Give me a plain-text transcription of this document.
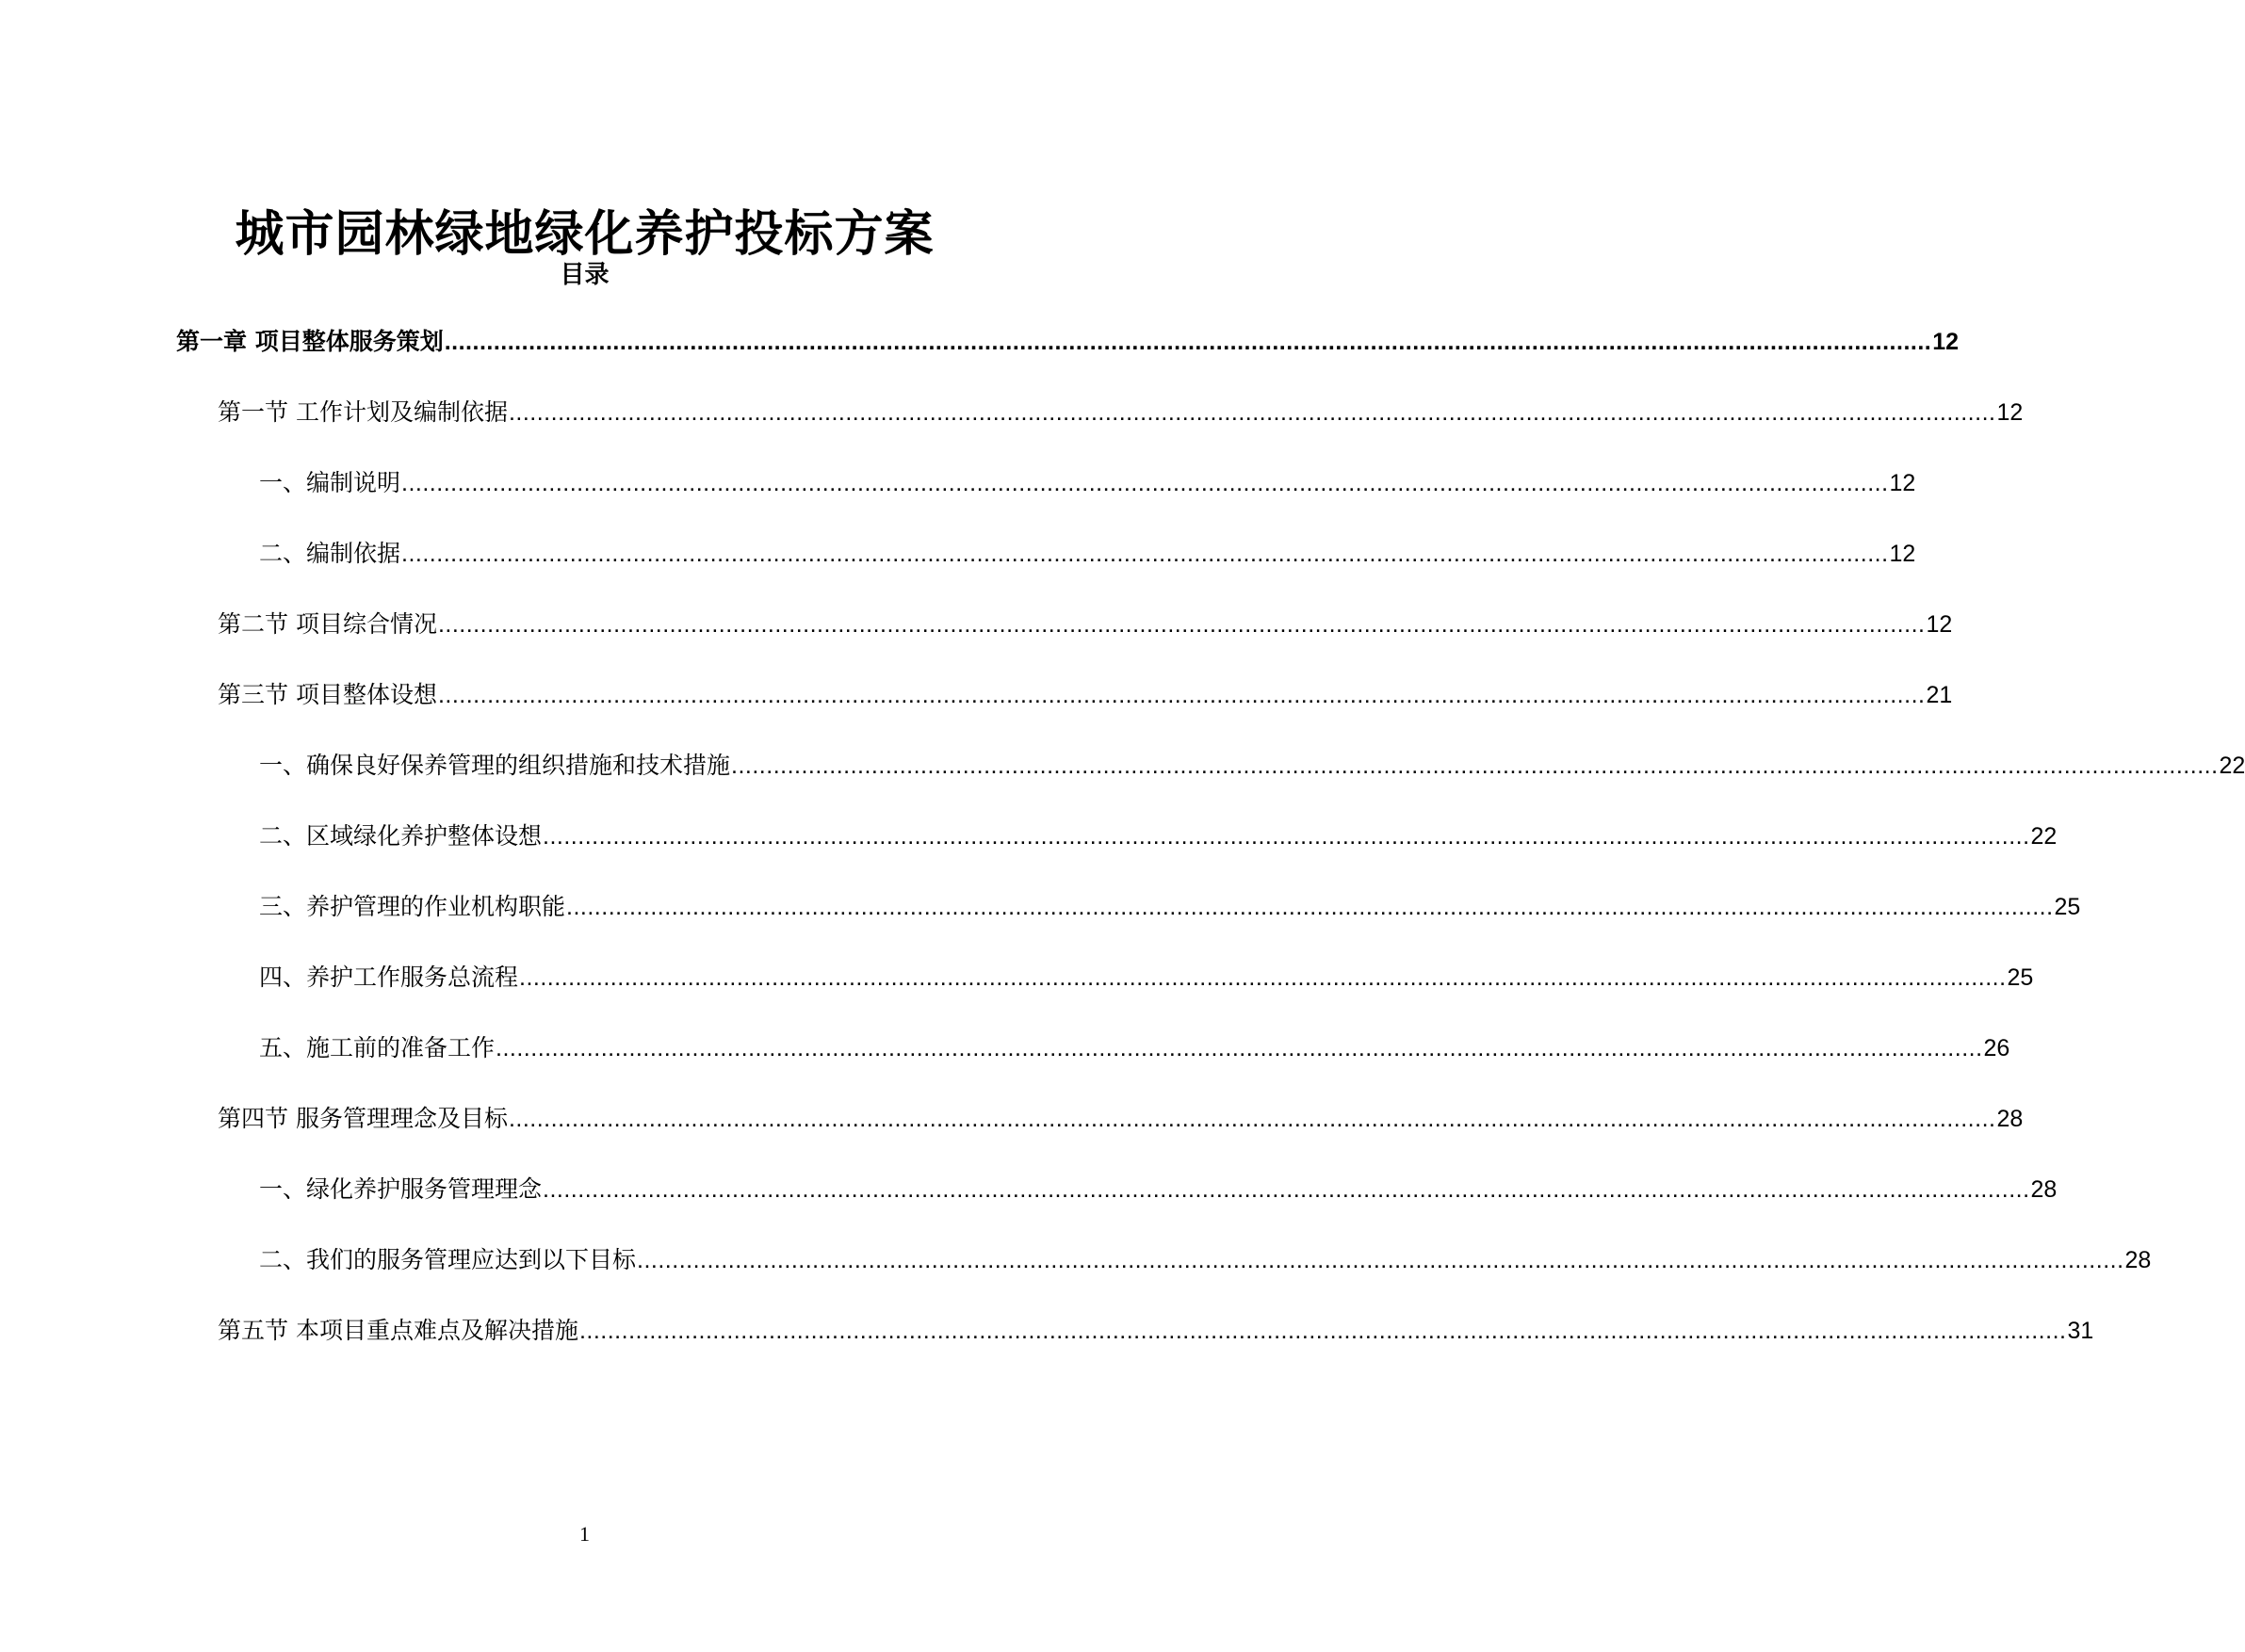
城市园林绿地绿化养护投标方案
目录
第一章 项目整体服务策划 .................................................................................................................................................................................................................... 12
第一节 工作计划及编制依据 .................................................................................................................................................................................................................... 12
一、编制说明 .................................................................................................................................................................................................................... 12
二、编制依据 .................................................................................................................................................................................................................... 12
第二节 项目综合情况 .................................................................................................................................................................................................................... 12
第三节 项目整体设想 .................................................................................................................................................................................................................... 21
一、确保良好保养管理的组织措施和技术措施 .................................................................................................................................................................................................................... 22
二、区域绿化养护整体设想 .................................................................................................................................................................................................................... 22
三、养护管理的作业机构职能 .................................................................................................................................................................................................................... 25
四、养护工作服务总流程 .................................................................................................................................................................................................................... 25
五、施工前的准备工作 .................................................................................................................................................................................................................... 26
第四节 服务管理理念及目标 .................................................................................................................................................................................................................... 28
一、绿化养护服务管理理念 .................................................................................................................................................................................................................... 28
二、我们的服务管理应达到以下目标 .................................................................................................................................................................................................................... 28
第五节 本项目重点难点及解决措施 .................................................................................................................................................................................................................... 31
1
